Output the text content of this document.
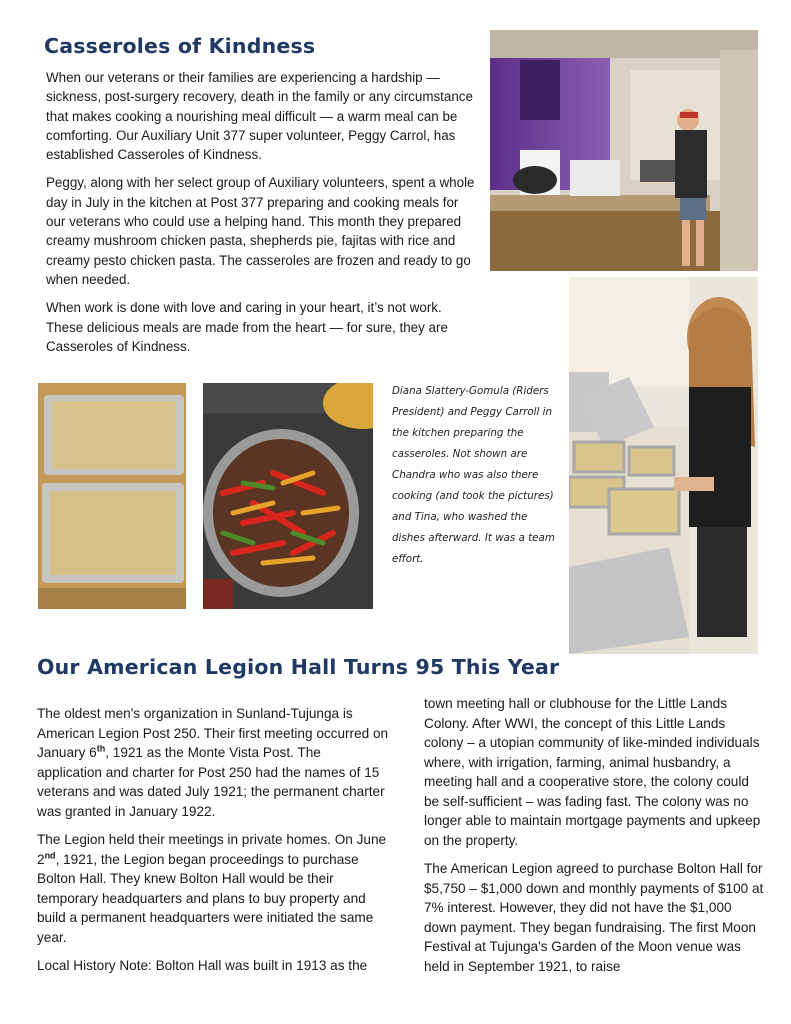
Casseroles of Kindness

When our veterans or their families are experiencing a hardship — sickness, post-surgery recovery, death in the family or any circumstance that makes cooking a nourishing meal difficult — a warm meal can be comforting. Our Auxiliary Unit 377 super volunteer, Peggy Carrol, has established Casseroles of Kindness.

Peggy, along with her select group of Auxiliary volunteers, spent a whole day in July in the kitchen at Post 377 preparing and cooking meals for our veterans who could use a helping hand. This month they prepared creamy mushroom chicken pasta, shepherds pie, fajitas with rice and creamy pesto chicken pasta. The casseroles are frozen and ready to go when needed.

When work is done with love and caring in your heart, it’s not work. These delicious meals are made from the heart — for sure, they are Casseroles of Kindness.

Diana Slattery-Gomula (Riders President) and Peggy Carroll in the kitchen preparing the casseroles. Not shown are Chandra who was also there cooking (and took the pictures) and Tina, who washed the dishes afterward. It was a team effort.
Our American Legion Hall Turns 95 This Year

The oldest men's organization in Sunland-Tujunga is American Legion Post 250. Their first meeting occurred on January 6th, 1921 as the Monte Vista Post. The application and charter for Post 250 had the names of 15 veterans and was dated July 1921; the permanent charter was granted in January 1922.

The Legion held their meetings in private homes. On June 2nd, 1921, the Legion began proceedings to purchase Bolton Hall. They knew Bolton Hall would be their temporary headquarters and plans to buy property and build a permanent headquarters were initiated the same year.

Local History Note: Bolton Hall was built in 1913 as the

town meeting hall or clubhouse for the Little Lands Colony. After WWI, the concept of this Little Lands colony – a utopian community of like-minded individuals where, with irrigation, farming, animal husbandry, a meeting hall and a cooperative store, the colony could be self-sufficient – was fading fast. The colony was no longer able to maintain mortgage payments and upkeep on the property.

The American Legion agreed to purchase Bolton Hall for $5,750 – $1,000 down and monthly payments of $100 at 7% interest. However, they did not have the $1,000 down payment. They began fundraising. The first Moon Festival at Tujunga's Garden of the Moon venue was held in September 1921, to raise
